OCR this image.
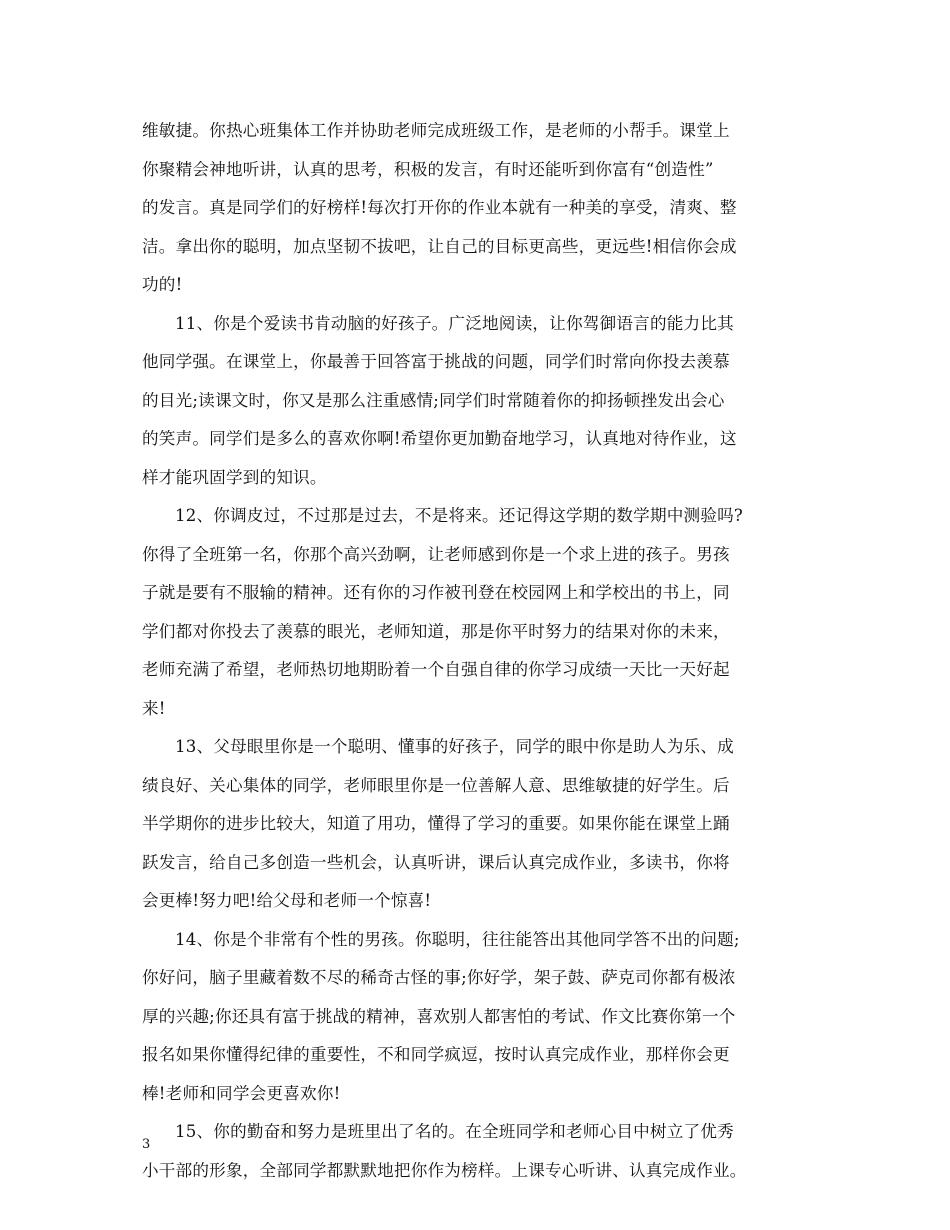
维敏捷。你热心班集体工作并协助老师完成班级工作，是老师的小帮手。课堂上
你聚精会神地听讲，认真的思考，积极的发言，有时还能听到你富有“创造性”
的发言。真是同学们的好榜样!每次打开你的作业本就有一种美的享受，清爽、整
洁。拿出你的聪明，加点坚韧不拔吧，让自己的目标更高些，更远些!相信你会成
功的!
11、你是个爱读书肯动脑的好孩子。广泛地阅读，让你驾御语言的能力比其
他同学强。在课堂上，你最善于回答富于挑战的问题，同学们时常向你投去羡慕
的目光;读课文时，你又是那么注重感情;同学们时常随着你的抑扬顿挫发出会心
的笑声。同学们是多么的喜欢你啊!希望你更加勤奋地学习，认真地对待作业，这
样才能巩固学到的知识。
12、你调皮过，不过那是过去，不是将来。还记得这学期的数学期中测验吗?
你得了全班第一名，你那个高兴劲啊，让老师感到你是一个求上进的孩子。男孩
子就是要有不服输的精神。还有你的习作被刊登在校园网上和学校出的书上，同
学们都对你投去了羡慕的眼光，老师知道，那是你平时努力的结果对你的未来，
老师充满了希望，老师热切地期盼着一个自强自律的你学习成绩一天比一天好起
来!
13、父母眼里你是一个聪明、懂事的好孩子，同学的眼中你是助人为乐、成
绩良好、关心集体的同学，老师眼里你是一位善解人意、思维敏捷的好学生。后
半学期你的进步比较大，知道了用功，懂得了学习的重要。如果你能在课堂上踊
跃发言，给自己多创造一些机会，认真听讲，课后认真完成作业，多读书，你将
会更棒!努力吧!给父母和老师一个惊喜!
14、你是个非常有个性的男孩。你聪明，往往能答出其他同学答不出的问题;
你好问，脑子里藏着数不尽的稀奇古怪的事;你好学，架子鼓、萨克司你都有极浓
厚的兴趣;你还具有富于挑战的精神，喜欢别人都害怕的考试、作文比赛你第一个
报名如果你懂得纪律的重要性，不和同学疯逗，按时认真完成作业，那样你会更
棒!老师和同学会更喜欢你!
15、你的勤奋和努力是班里出了名的。在全班同学和老师心目中树立了优秀
小干部的形象，全部同学都默默地把你作为榜样。上课专心听讲、认真完成作业。
3
